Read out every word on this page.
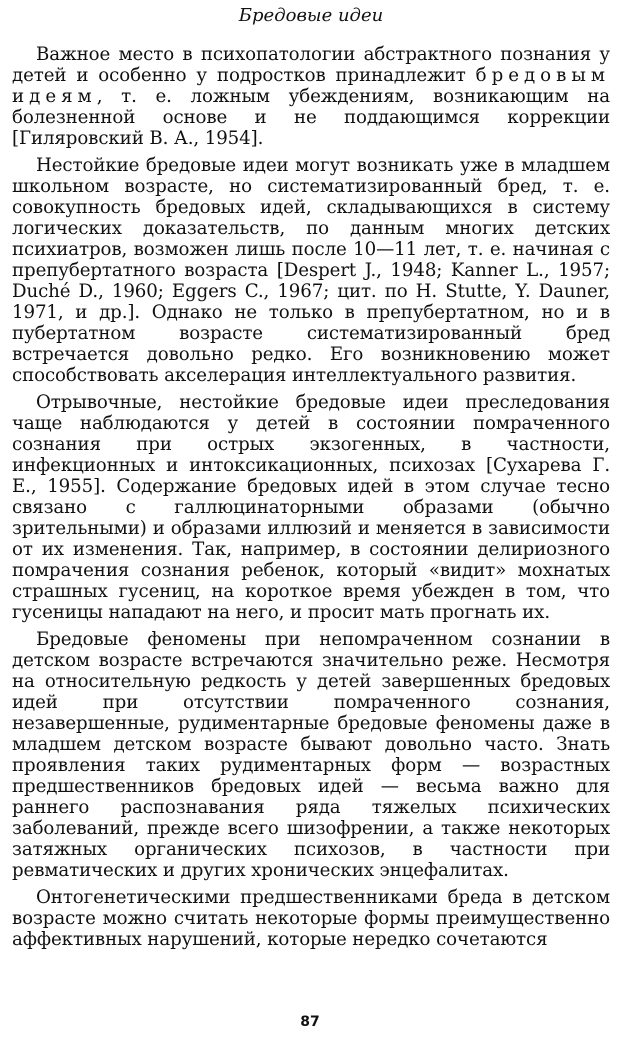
Бредовые идеи

Важное место в психопатологии абстрактного познания у детей и особенно у подростков принадлежит бредовым идеям, т. е. ложным убеждениям, возникающим на болезненной основе и не поддающимся коррекции [Гиляровский В. А., 1954].

Нестойкие бредовые идеи могут возникать уже в младшем школьном возрасте, но систематизированный бред, т. е. совокупность бредовых идей, складывающихся в систему логических доказательств, по данным многих детских психиатров, возможен лишь после 10—11 лет, т. е. начиная с препубертатного возраста [Despert J., 1948; Kanner L., 1957; Duché D., 1960; Eggers C., 1967; цит. по H. Stutte, Y. Dauner, 1971, и др.]. Однако не только в препубертатном, но и в пубертатном возрасте систематизированный бред встречается довольно редко. Его возникновению может способствовать акселерация интеллектуального развития.

Отрывочные, нестойкие бредовые идеи преследования чаще наблюдаются у детей в состоянии помраченного сознания при острых экзогенных, в частности, инфекционных и интоксикационных, психозах [Сухарева Г. Е., 1955]. Содержание бредовых идей в этом случае тесно связано с галлюцинаторными образами (обычно зрительными) и образами иллюзий и меняется в зависимости от их изменения. Так, например, в состоянии делириозного помрачения сознания ребенок, который «видит» мохнатых страшных гусениц, на короткое время убежден в том, что гусеницы нападают на него, и просит мать прогнать их.

Бредовые феномены при непомраченном сознании в детском возрасте встречаются значительно реже. Несмотря на относительную редкость у детей завершенных бредовых идей при отсутствии помраченного сознания, незавершенные, рудиментарные бредовые феномены даже в младшем детском возрасте бывают довольно часто. Знать проявления таких рудиментарных форм — возрастных предшественников бредовых идей — весьма важно для раннего распознавания ряда тяжелых психических заболеваний, прежде всего шизофрении, а также некоторых затяжных органических психозов, в частности при ревматических и других хронических энцефалитах.

Онтогенетическими предшественниками бреда в детском возрасте можно считать некоторые формы преимущественно аффективных нарушений, которые нередко сочетаются

87
